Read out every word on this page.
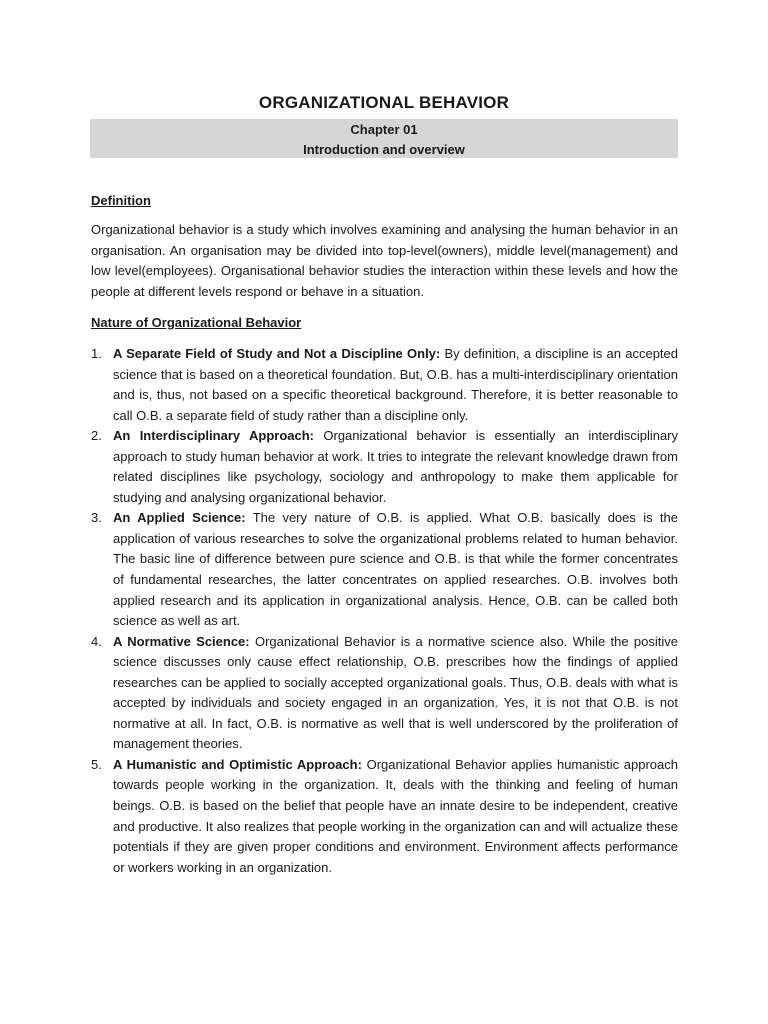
ORGANIZATIONAL BEHAVIOR
Chapter 01
Introduction and overview
Definition

Organizational behavior is a study which involves examining and analysing the human behavior in an organisation. An organisation may be divided into top-level(owners), middle level(management) and low level(employees). Organisational behavior studies the interaction within these levels and how the people at different levels respond or behave in a situation.

Nature of Organizational Behavior
1. A Separate Field of Study and Not a Discipline Only: By definition, a discipline is an accepted science that is based on a theoretical foundation. But, O.B. has a multi-interdisciplinary orientation and is, thus, not based on a specific theoretical background. Therefore, it is better reasonable to call O.B. a separate field of study rather than a discipline only.
2. An Interdisciplinary Approach: Organizational behavior is essentially an interdisciplinary approach to study human behavior at work. It tries to integrate the relevant knowledge drawn from related disciplines like psychology, sociology and anthropology to make them applicable for studying and analysing organizational behavior.
3. An Applied Science: The very nature of O.B. is applied. What O.B. basically does is the application of various researches to solve the organizational problems related to human behavior. The basic line of difference between pure science and O.B. is that while the former concentrates of fundamental researches, the latter concentrates on applied researches. O.B. involves both applied research and its application in organizational analysis. Hence, O.B. can be called both science as well as art.
4. A Normative Science: Organizational Behavior is a normative science also. While the positive science discusses only cause effect relationship, O.B. prescribes how the findings of applied researches can be applied to socially accepted organizational goals. Thus, O.B. deals with what is accepted by individuals and society engaged in an organization. Yes, it is not that O.B. is not normative at all. In fact, O.B. is normative as well that is well underscored by the proliferation of management theories.
5. A Humanistic and Optimistic Approach: Organizational Behavior applies humanistic approach towards people working in the organization. It, deals with the thinking and feeling of human beings. O.B. is based on the belief that people have an innate desire to be independent, creative and productive. It also realizes that people working in the organization can and will actualize these potentials if they are given proper conditions and environment. Environment affects performance or workers working in an organization.
